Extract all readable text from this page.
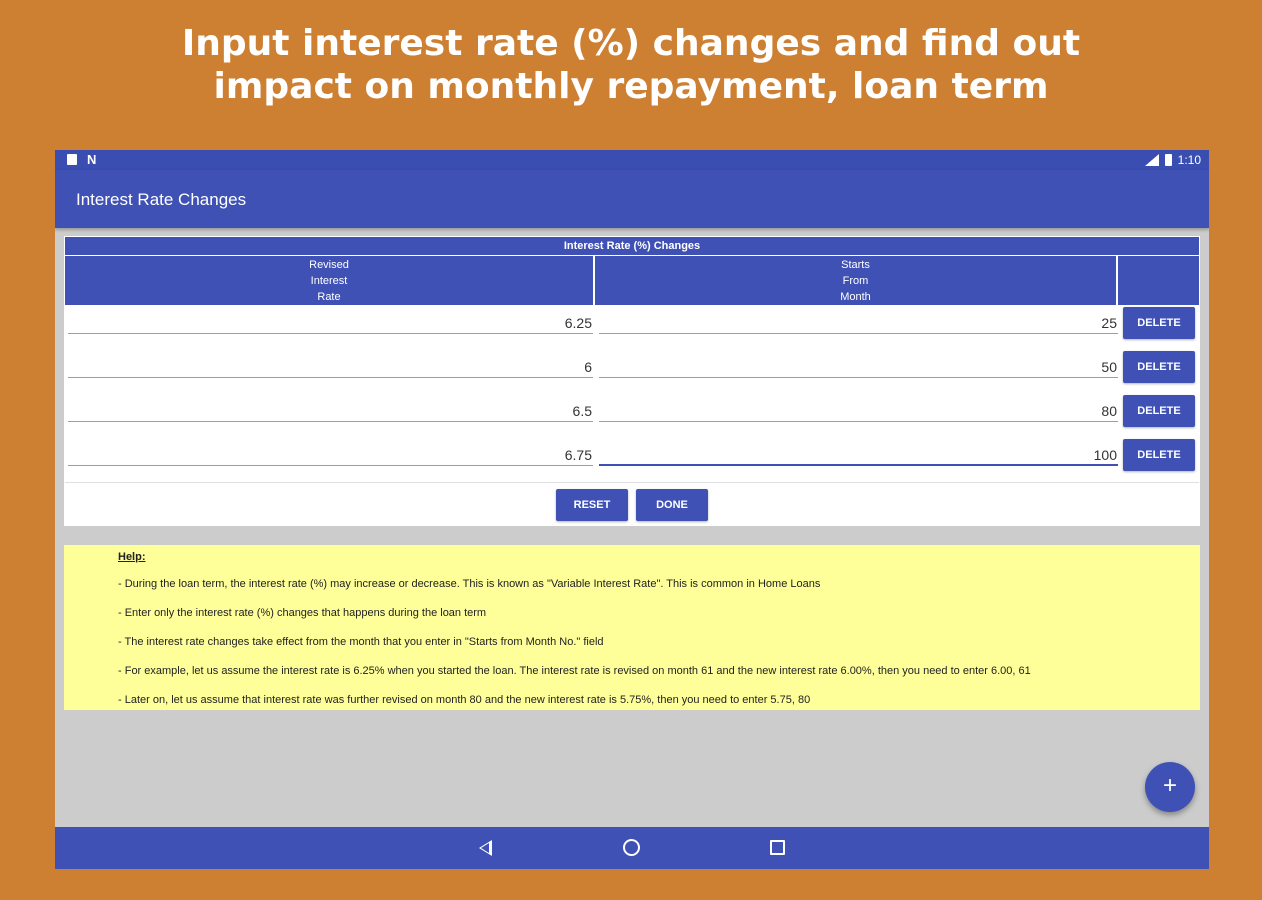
Input interest rate (%) changes and find out
impact on monthly repayment, loan term
N	1:10
Interest Rate Changes
Interest Rate (%) Changes
Revised
Interest
Rate
Starts
From
Month
6.25	25	DELETE
6	50	DELETE
6.5	80	DELETE
6.75	100	DELETE
RESET	DONE
Help:
- During the loan term, the interest rate (%) may increase or decrease. This is known as "Variable Interest Rate". This is common in Home Loans
- Enter only the interest rate (%) changes that happens during the loan term
- The interest rate changes take effect from the month that you enter in "Starts from Month No." field
- For example, let us assume the interest rate is 6.25% when you started the loan. The interest rate is revised on month 61 and the new interest rate 6.00%, then you need to enter 6.00, 61
- Later on, let us assume that interest rate was further revised on month 80 and the new interest rate is 5.75%, then you need to enter 5.75, 80
+
